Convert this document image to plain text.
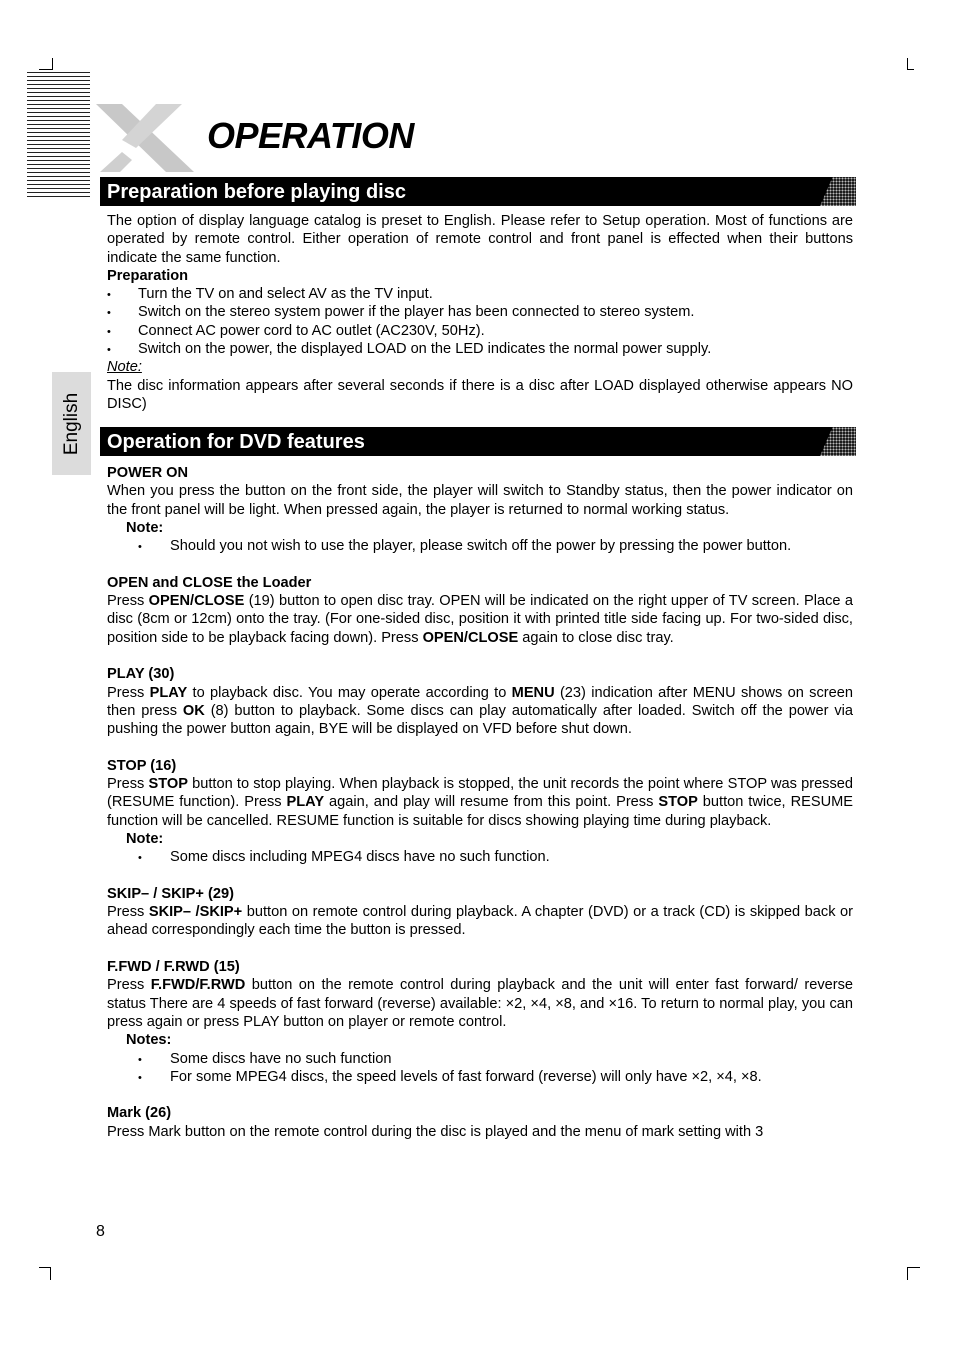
OPERATION
English
Preparation before playing disc

The option of display language catalog is preset to English. Please refer to Setup operation. Most of functions are operated by remote control. Either operation of remote control and front panel is effected when their buttons indicate the same function.

Preparation

• Turn the TV on and select AV as the TV input.

• Switch on the stereo system power if the player has been connected to stereo system.

• Connect AC power cord to AC outlet (AC230V, 50Hz).

• Switch on the power, the displayed LOAD on the LED indicates the normal power supply.

Note:

The disc information appears after several seconds if there is a disc after LOAD displayed otherwise appears NO DISC)

Operation for DVD features

POWER ON

When you press the button on the front side, the player will switch to Standby status, then the power indicator on the front panel will be light. When pressed again, the player is returned to normal working status.

Note:

• Should you not wish to use the player, please switch off the power by pressing the power button.

OPEN and CLOSE the Loader

Press OPEN/CLOSE (19) button to open disc tray. OPEN will be indicated on the right upper of TV screen. Place a disc (8cm or 12cm) onto the tray. (For one-sided disc, position it with printed title side facing up. For two-sided disc, position side to be playback facing down). Press OPEN/CLOSE again to close disc tray.

PLAY (30)

Press PLAY to playback disc. You may operate according to MENU (23) indication after MENU shows on screen then press OK (8) button to playback. Some discs can play automatically after loaded. Switch off the power via pushing the power button again, BYE will be displayed on VFD before shut down.

STOP (16)

Press STOP button to stop playing. When playback is stopped, the unit records the point where STOP was pressed (RESUME function). Press PLAY again, and play will resume from this point. Press STOP button twice, RESUME function will be cancelled. RESUME function is suitable for discs showing playing time during playback.

Note:

• Some discs including MPEG4 discs have no such function.

SKIP– / SKIP+ (29)

Press SKIP– /SKIP+ button on remote control during playback. A chapter (DVD) or a track (CD) is skipped back or ahead correspondingly each time the button is pressed.

F.FWD / F.RWD (15)

Press F.FWD/F.RWD button on the remote control during playback and the unit will enter fast forward/ reverse status There are 4 speeds of fast forward (reverse) available: ×2, ×4, ×8, and ×16. To return to normal play, you can press again or press PLAY button on player or remote control.

Notes:

• Some discs have no such function

• For some MPEG4 discs, the speed levels of fast forward (reverse) will only have ×2, ×4, ×8.

Mark (26)

Press Mark button on the remote control during the disc is played and the menu of mark setting with 3

8
